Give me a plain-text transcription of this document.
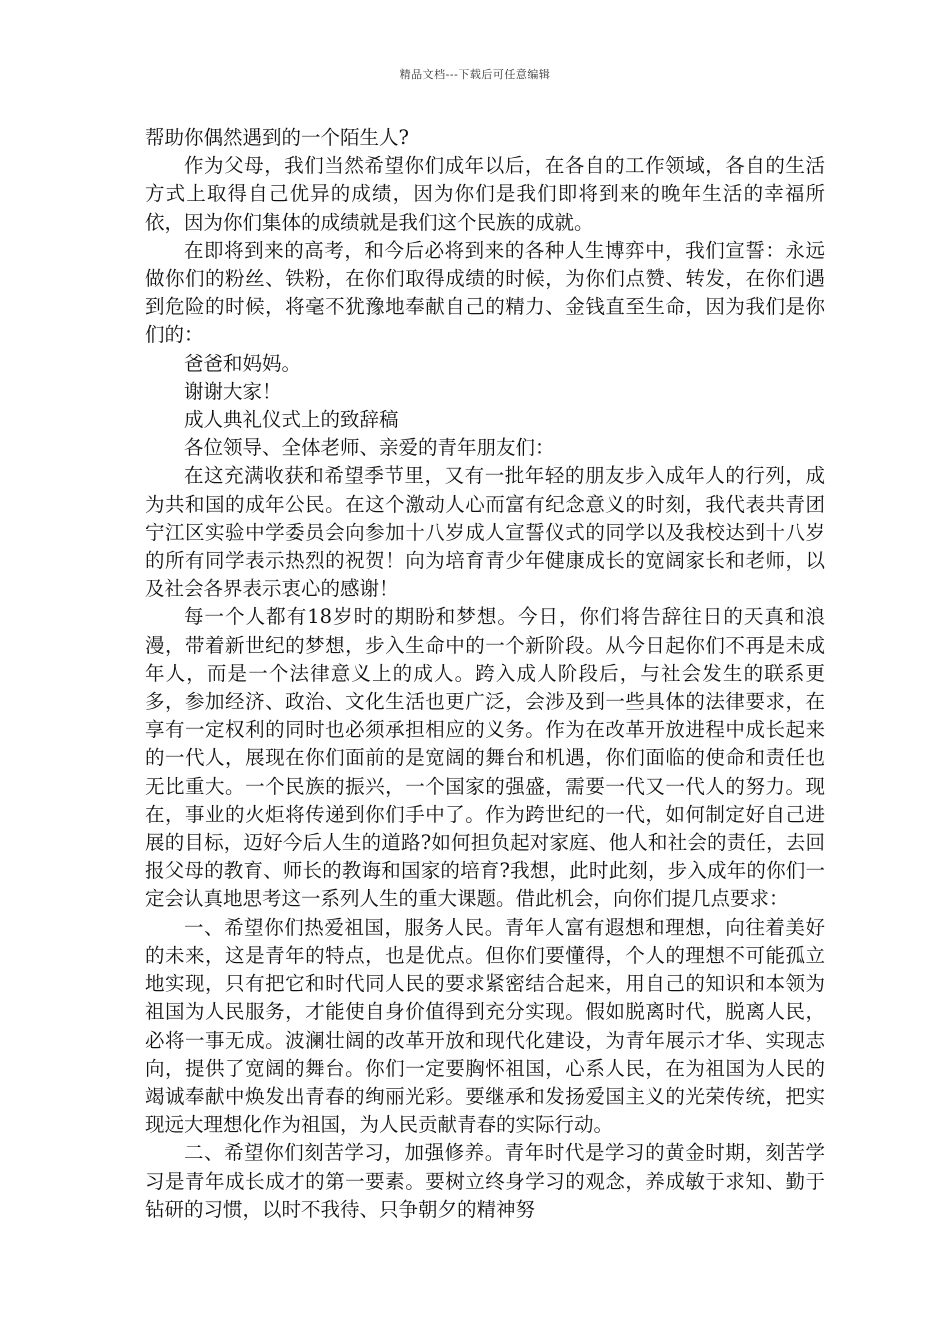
精品文档---下载后可任意编辑

帮助你偶然遇到的一个陌生人?

作为父母，我们当然希望你们成年以后，在各自的工作领域，各自的生活方式上取得自己优异的成绩，因为你们是我们即将到来的晚年生活的幸福所依，因为你们集体的成绩就是我们这个民族的成就。

在即将到来的高考，和今后必将到来的各种人生博弈中，我们宣誓：永远做你们的粉丝、铁粉，在你们取得成绩的时候，为你们点赞、转发，在你们遇到危险的时候，将毫不犹豫地奉献自己的精力、金钱直至生命，因为我们是你们的：

爸爸和妈妈。

谢谢大家！

成人典礼仪式上的致辞稿

各位领导、全体老师、亲爱的青年朋友们：

在这充满收获和希望季节里，又有一批年轻的朋友步入成年人的行列，成为共和国的成年公民。在这个激动人心而富有纪念意义的时刻，我代表共青团宁江区实验中学委员会向参加十八岁成人宣誓仪式的同学以及我校达到十八岁的所有同学表示热烈的祝贺！向为培育青少年健康成长的宽阔家长和老师，以及社会各界表示衷心的感谢！

每一个人都有18岁时的期盼和梦想。今日，你们将告辞往日的天真和浪漫，带着新世纪的梦想，步入生命中的一个新阶段。从今日起你们不再是未成年人，而是一个法律意义上的成人。跨入成人阶段后，与社会发生的联系更多，参加经济、政治、文化生活也更广泛，会涉及到一些具体的法律要求，在享有一定权利的同时也必须承担相应的义务。作为在改革开放进程中成长起来的一代人，展现在你们面前的是宽阔的舞台和机遇，你们面临的使命和责任也无比重大。一个民族的振兴，一个国家的强盛，需要一代又一代人的努力。现在，事业的火炬将传递到你们手中了。作为跨世纪的一代，如何制定好自己进展的目标，迈好今后人生的道路?如何担负起对家庭、他人和社会的责任，去回报父母的教育、师长的教诲和国家的培育?我想，此时此刻，步入成年的你们一定会认真地思考这一系列人生的重大课题。借此机会，向你们提几点要求：

一、希望你们热爱祖国，服务人民。青年人富有遐想和理想，向往着美好的未来，这是青年的特点，也是优点。但你们要懂得，个人的理想不可能孤立地实现，只有把它和时代同人民的要求紧密结合起来，用自己的知识和本领为祖国为人民服务，才能使自身价值得到充分实现。假如脱离时代，脱离人民，必将一事无成。波澜壮阔的改革开放和现代化建设，为青年展示才华、实现志向，提供了宽阔的舞台。你们一定要胸怀祖国，心系人民，在为祖国为人民的竭诚奉献中焕发出青春的绚丽光彩。要继承和发扬爱国主义的光荣传统，把实现远大理想化作为祖国，为人民贡献青春的实际行动。

二、希望你们刻苦学习，加强修养。青年时代是学习的黄金时期，刻苦学习是青年成长成才的第一要素。要树立终身学习的观念，养成敏于求知、勤于钻研的习惯，以时不我待、只争朝夕的精神努
